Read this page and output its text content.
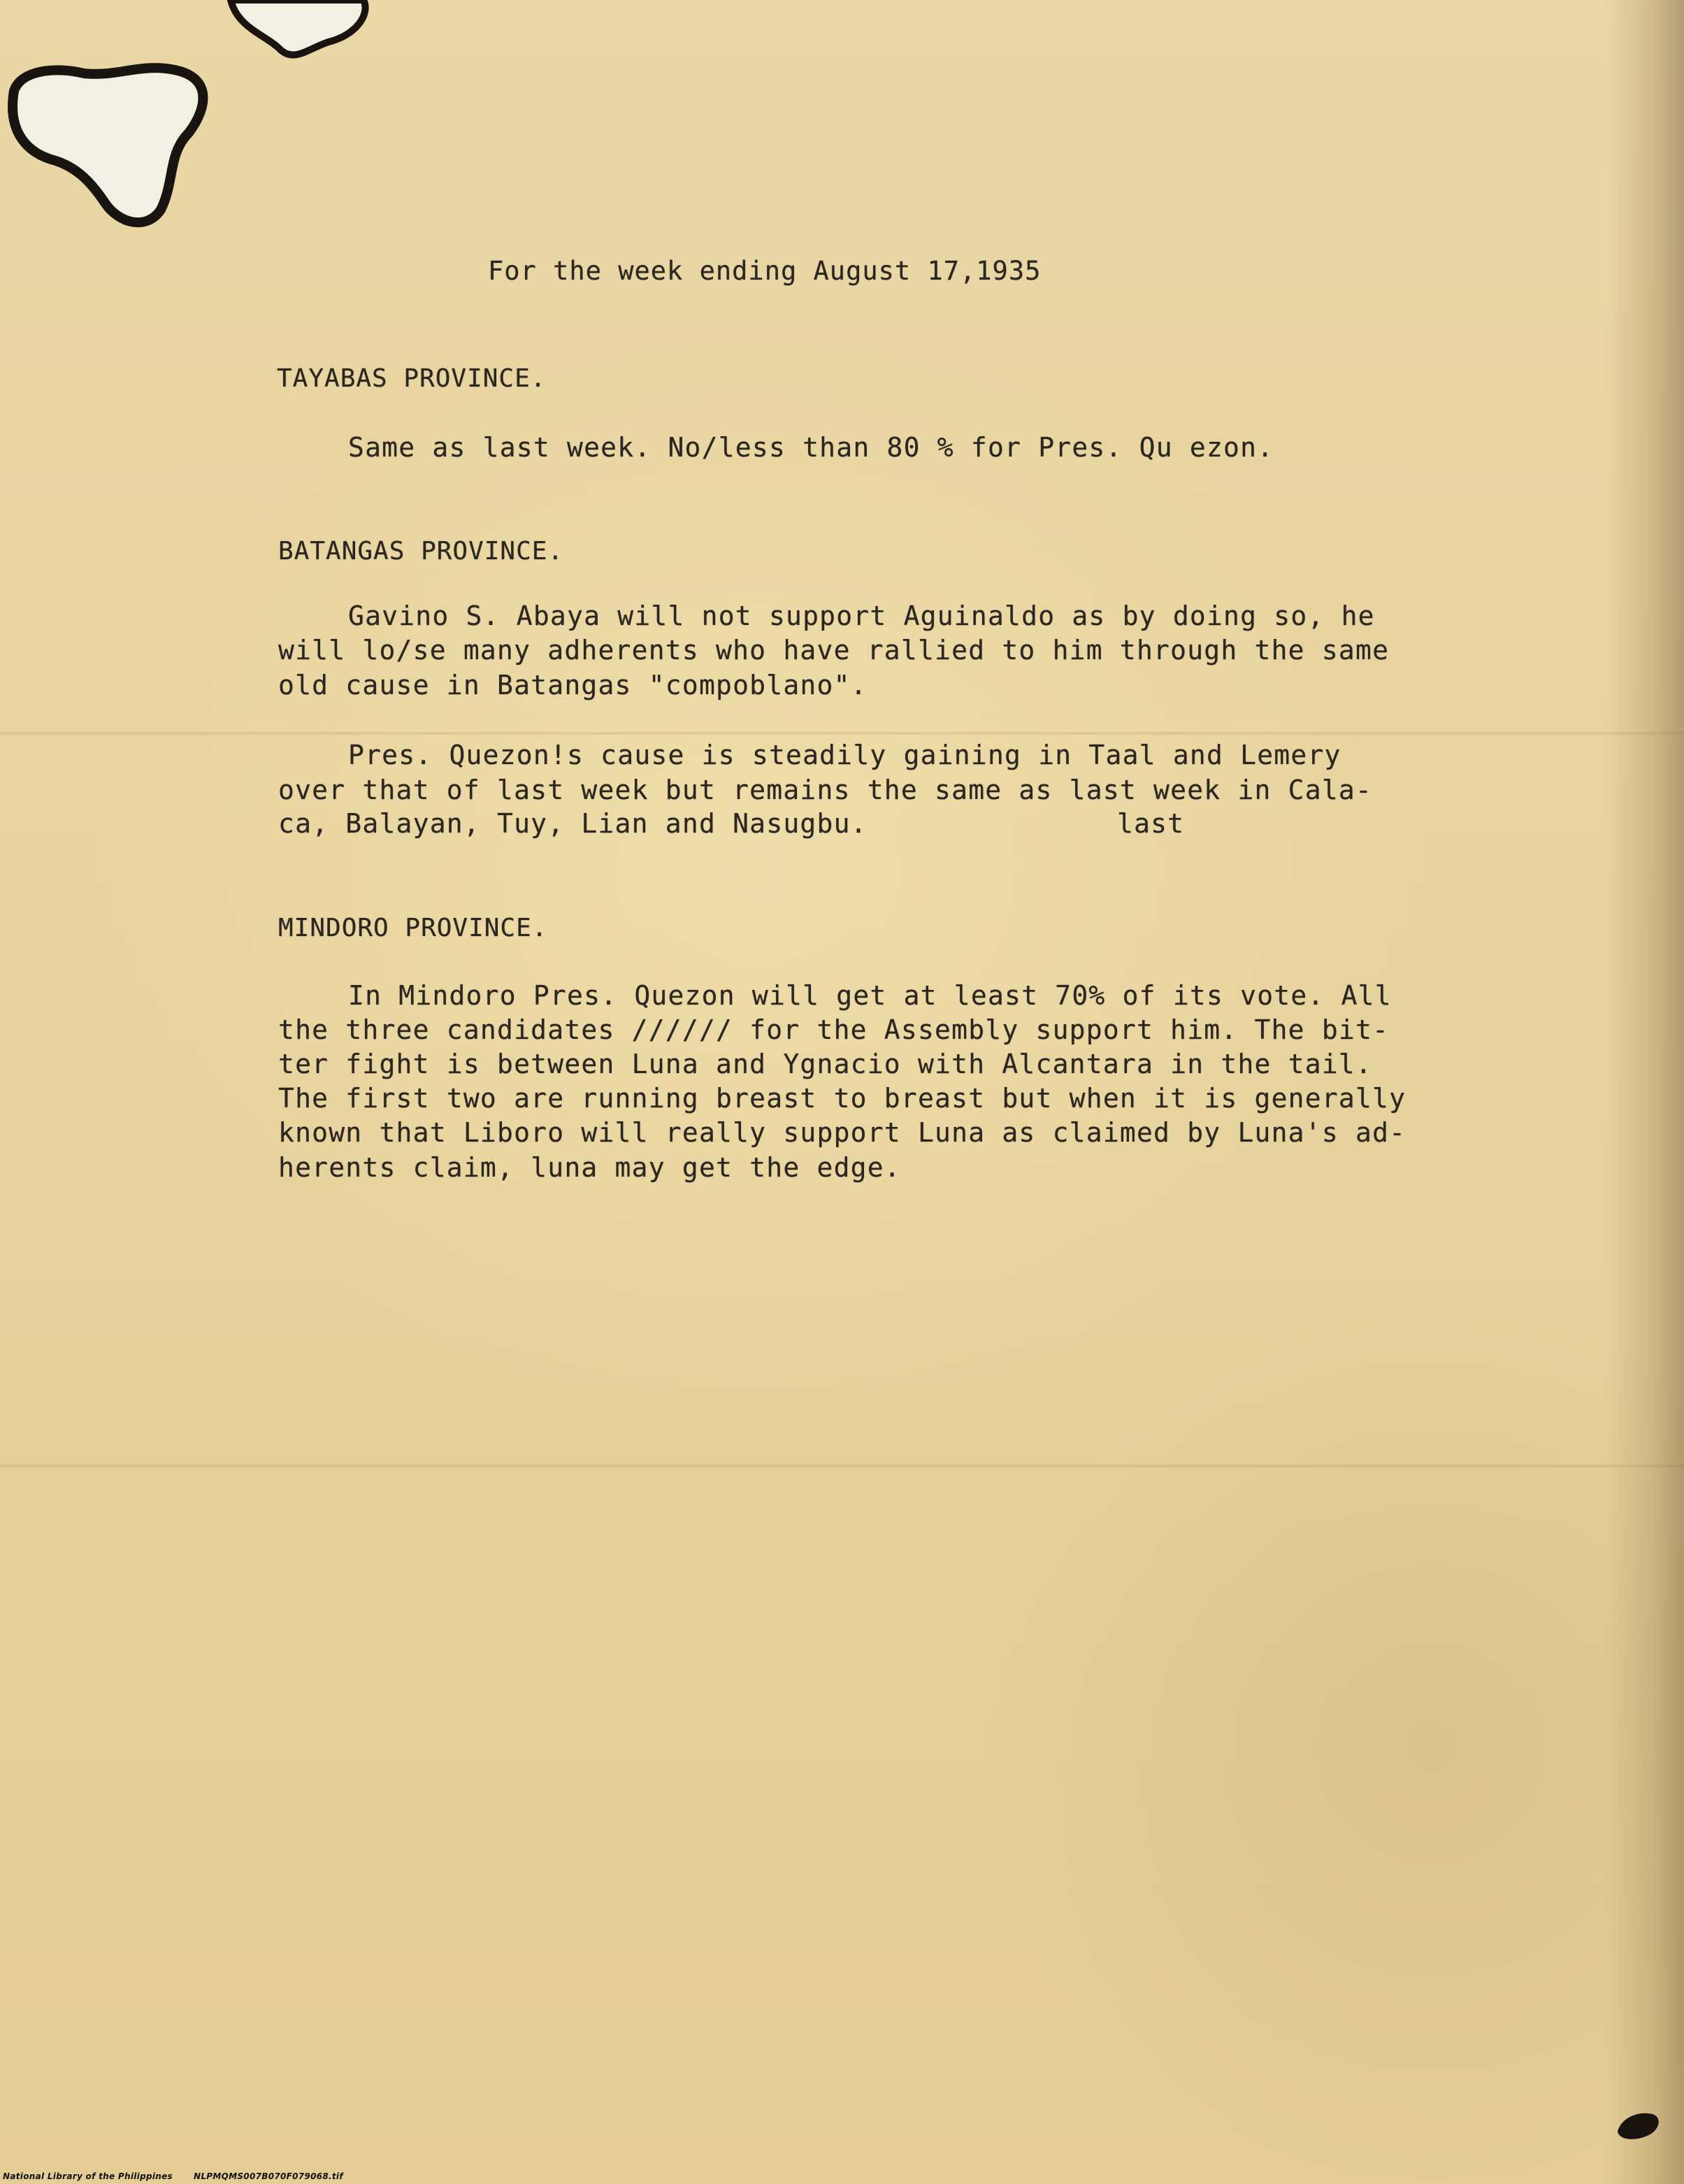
For the week ending August 17,1935
TAYABAS PROVINCE.
Same as last week. No/less than 80 % for Pres. Qu ezon.
BATANGAS PROVINCE.
Gavino S. Abaya will not support Aguinaldo as by doing so, he
will lo/se many adherents who have rallied to him through the same
old cause in Batangas "compoblano".
Pres. Quezon!s cause is steadily gaining in Taal and Lemery
over that of last week but remains the same as last week in Cala-
ca, Balayan, Tuy, Lian and Nasugbu.	last
MINDORO PROVINCE.
In Mindoro Pres. Quezon will get at least 70% of its vote. All
the three candidates ////// for the Assembly support him. The bit-
ter fight is between Luna and Ygnacio with Alcantara in the tail.
The first two are running breast to breast but when it is generally
known that Liboro will really support Luna as claimed by Luna's ad-
herents claim, luna may get the edge.
National Library of the Philippines	NLPMQMS007B070F079068.tif
